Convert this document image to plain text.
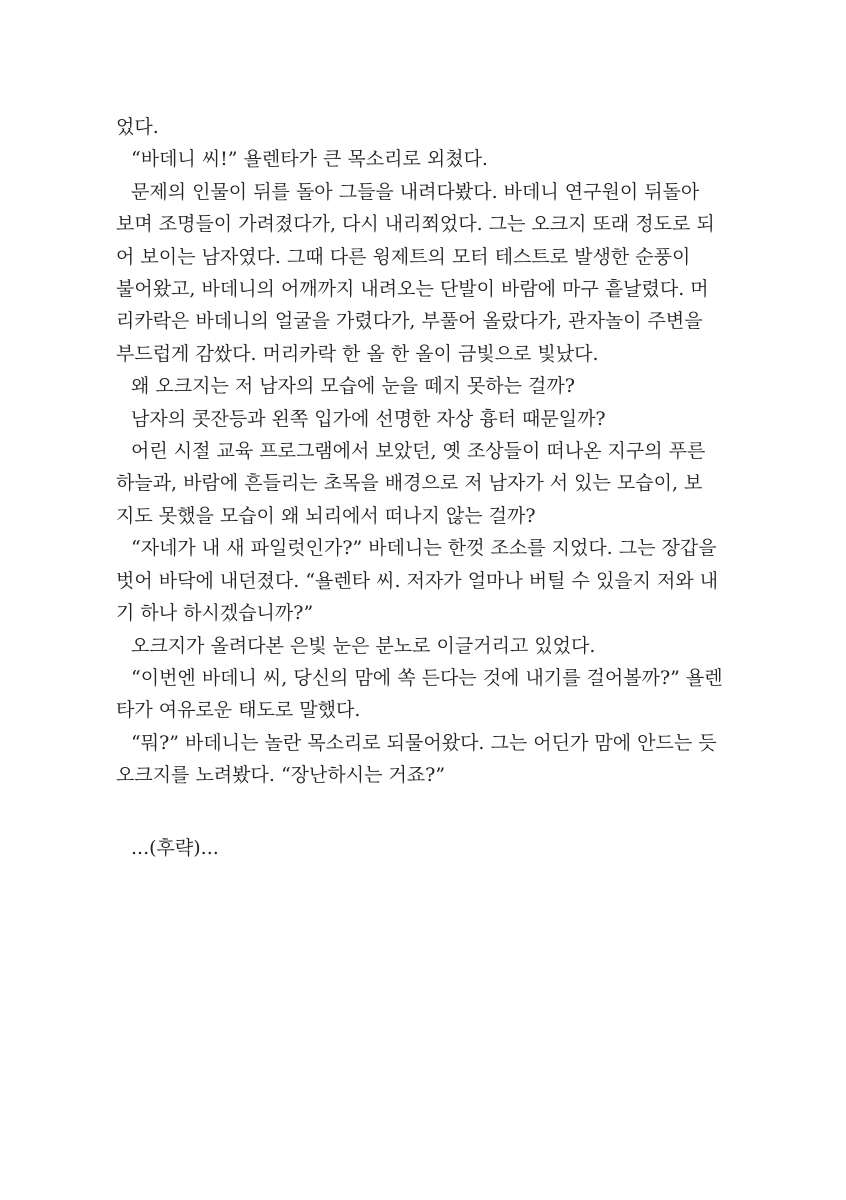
었다.
“바데니 씨!” 욜렌타가 큰 목소리로 외쳤다.
문제의 인물이 뒤를 돌아 그들을 내려다봤다. 바데니 연구원이 뒤돌아
보며 조명들이 가려졌다가, 다시 내리쬐었다. 그는 오크지 또래 정도로 되
어 보이는 남자였다. 그때 다른 윙제트의 모터 테스트로 발생한 순풍이
불어왔고, 바데니의 어깨까지 내려오는 단발이 바람에 마구 흩날렸다. 머
리카락은 바데니의 얼굴을 가렸다가, 부풀어 올랐다가, 관자놀이 주변을
부드럽게 감쌌다. 머리카락 한 올 한 올이 금빛으로 빛났다.
왜 오크지는 저 남자의 모습에 눈을 떼지 못하는 걸까?
남자의 콧잔등과 왼쪽 입가에 선명한 자상 흉터 때문일까?
어린 시절 교육 프로그램에서 보았던, 옛 조상들이 떠나온 지구의 푸른
하늘과, 바람에 흔들리는 초목을 배경으로 저 남자가 서 있는 모습이, 보
지도 못했을 모습이 왜 뇌리에서 떠나지 않는 걸까?
“자네가 내 새 파일럿인가?” 바데니는 한껏 조소를 지었다. 그는 장갑을
벗어 바닥에 내던졌다. “욜렌타 씨. 저자가 얼마나 버틸 수 있을지 저와 내
기 하나 하시겠습니까?”
오크지가 올려다본 은빛 눈은 분노로 이글거리고 있었다.
“이번엔 바데니 씨, 당신의 맘에 쏙 든다는 것에 내기를 걸어볼까?” 욜렌
타가 여유로운 태도로 말했다.
“뭐?” 바데니는 놀란 목소리로 되물어왔다. 그는 어딘가 맘에 안드는 듯
오크지를 노려봤다. “장난하시는 거죠?”
...(후략)...
